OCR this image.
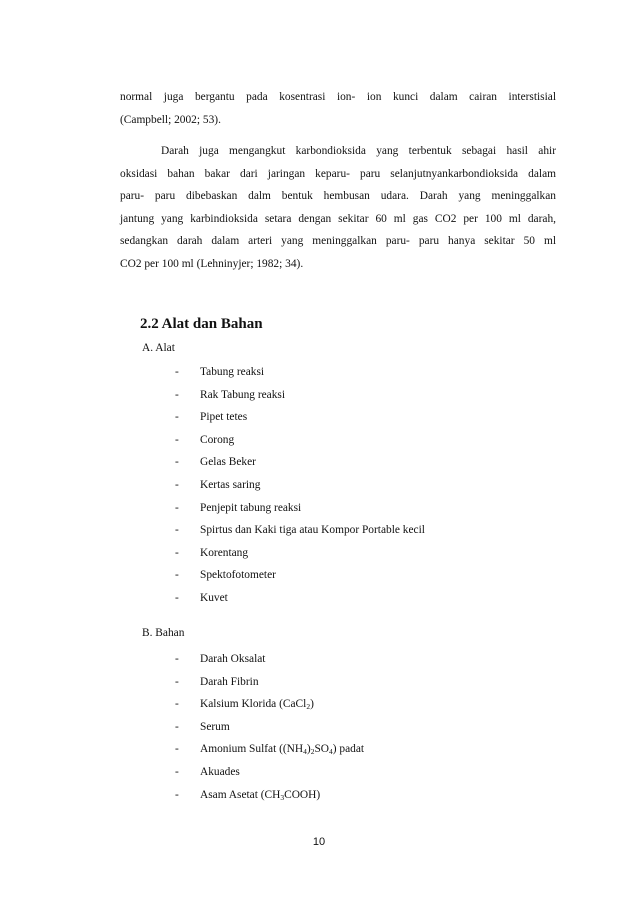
normal juga bergantu pada kosentrasi ion- ion kunci dalam cairan interstisial
(Campbell; 2002; 53).
Darah juga mengangkut karbondioksida yang terbentuk sebagai hasil ahir
oksidasi bahan bakar dari jaringan keparu- paru selanjutnyankarbondioksida dalam
paru- paru dibebaskan dalm bentuk hembusan udara. Darah yang meninggalkan
jantung yang karbindioksida setara dengan sekitar 60 ml gas CO2 per 100 ml darah,
sedangkan darah dalam arteri yang meninggalkan paru- paru hanya sekitar 50 ml
CO2 per 100 ml (Lehninyjer; 1982; 34).
2.2 Alat dan Bahan
A. Alat
- Tabung reaksi
- Rak Tabung reaksi
- Pipet tetes
- Corong
- Gelas Beker
- Kertas saring
- Penjepit tabung reaksi
- Spirtus dan Kaki tiga atau Kompor Portable kecil
- Korentang
- Spektofotometer
- Kuvet
B. Bahan
- Darah Oksalat
- Darah Fibrin
- Kalsium Klorida (CaCl$_2$)
- Serum
- Amonium Sulfat $((NH_4)_2SO_4)$ padat
- Akuades
- Asam Asetat $(CH_3COOH)$
10
